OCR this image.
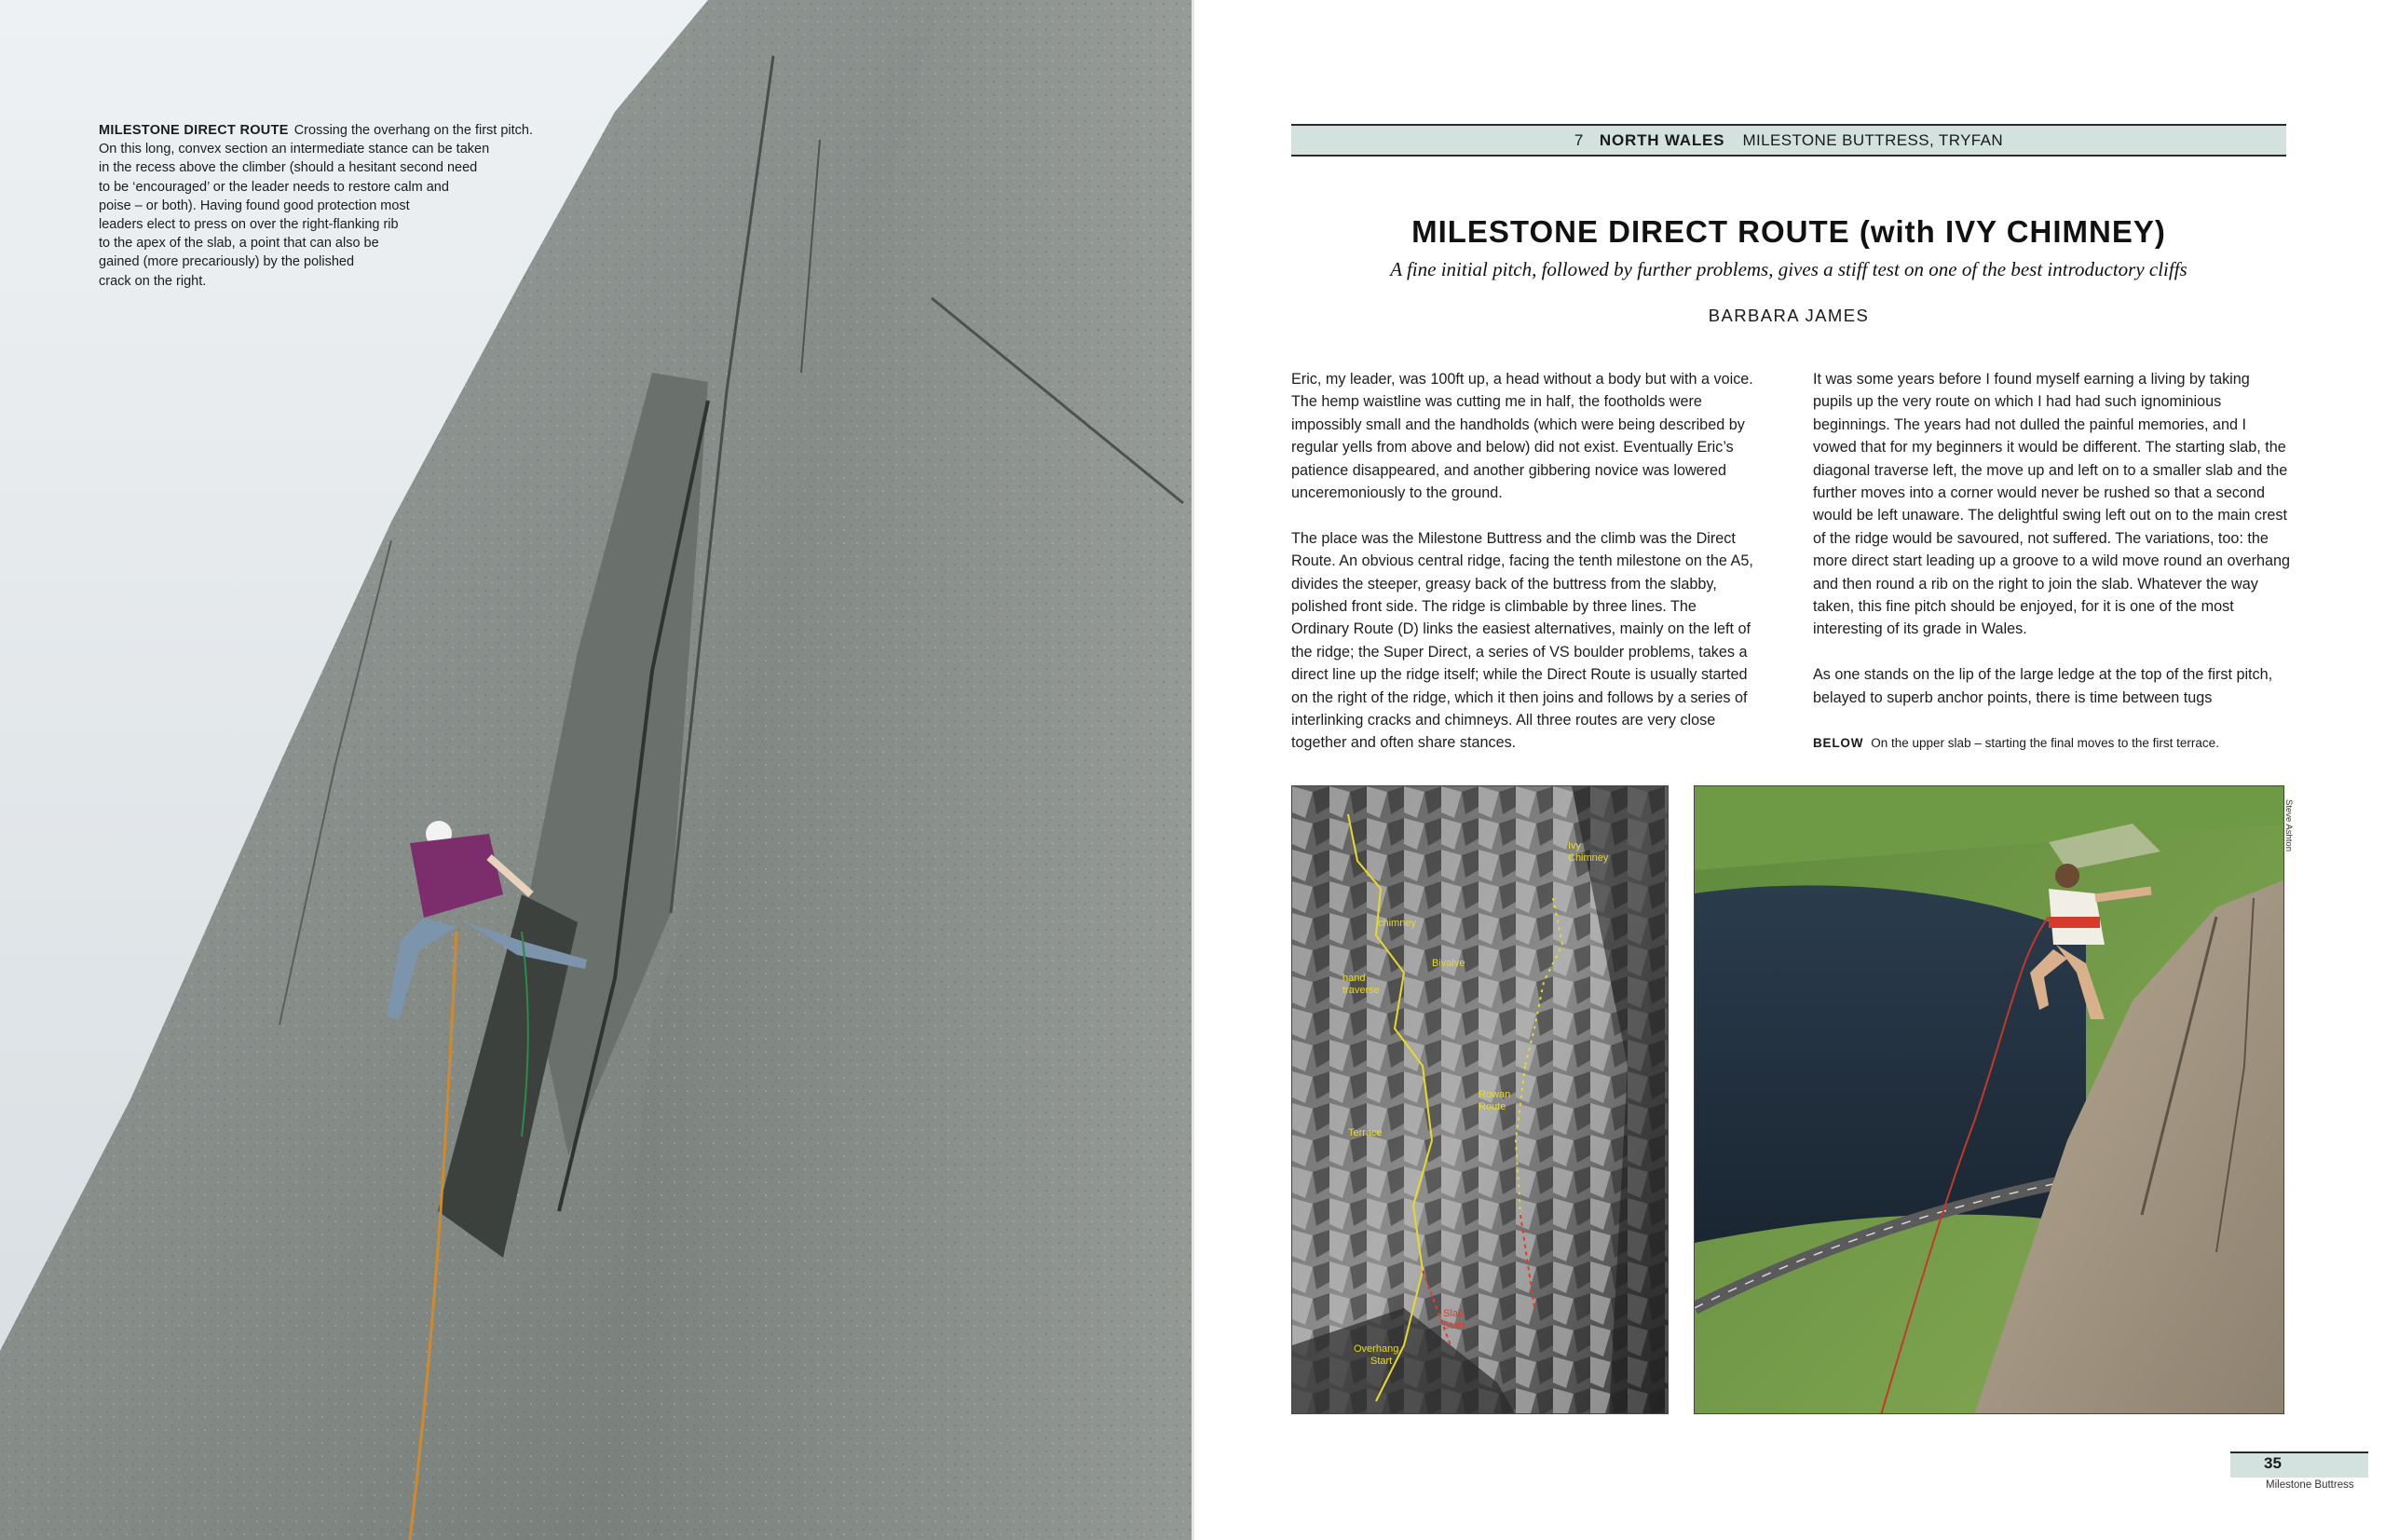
MILESTONE DIRECT ROUTE Crossing the overhang on the first pitch.
On this long, convex section an intermediate stance can be taken
in the recess above the climber (should a hesitant second need
to be ‘encouraged’ or the leader needs to restore calm and
poise – or both). Having found good protection most
leaders elect to press on over the right-flanking rib
to the apex of the slab, a point that can also be
gained (more precariously) by the polished
crack on the right.
7 NORTH WALES MILESTONE BUTTRESS, TRYFAN
MILESTONE DIRECT ROUTE (with IVY CHIMNEY)
A fine initial pitch, followed by further problems, gives a stiff test on one of the best introductory cliffs
BARBARA JAMES

Eric, my leader, was 100ft up, a head without a body but with a voice. The hemp waistline was cutting me in half, the footholds were impossibly small and the handholds (which were being described by regular yells from above and below) did not exist. Eventually Eric’s patience disappeared, and another gibbering novice was lowered unceremoniously to the ground.

The place was the Milestone Buttress and the climb was the Direct Route. An obvious central ridge, facing the tenth milestone on the A5, divides the steeper, greasy back of the buttress from the slabby, polished front side. The ridge is climbable by three lines. The Ordinary Route (D) links the easiest alternatives, mainly on the left of the ridge; the Super Direct, a series of VS boulder problems, takes a direct line up the ridge itself; while the Direct Route is usually started on the right of the ridge, which it then joins and follows by a series of interlinking cracks and chimneys. All three routes are very close together and often share stances.

It was some years before I found myself earning a living by taking pupils up the very route on which I had had such ignominious beginnings. The years had not dulled the painful memories, and I vowed that for my beginners it would be different. The starting slab, the diagonal traverse left, the move up and left on to a smaller slab and the further moves into a corner would never be rushed so that a second would be left unaware. The delightful swing left out on to the main crest of the ridge would be savoured, not suffered. The variations, too: the more direct start leading up a groove to a wild move round an overhang and then round a rib on the right to join the slab. Whatever the way taken, this fine pitch should be enjoyed, for it is one of the most interesting of its grade in Wales.

As one stands on the lip of the large ledge at the top of the first pitch, belayed to superb anchor points, there is time between tugs

BELOW On the upper slab – starting the final moves to the first terrace.
chimney
Ivy
Chimney
Bivalve
hand
traverse
Rowan
Route
Terrace
Slab
Start
Overhang
Start
Steve Ashton
35
Milestone Buttress
